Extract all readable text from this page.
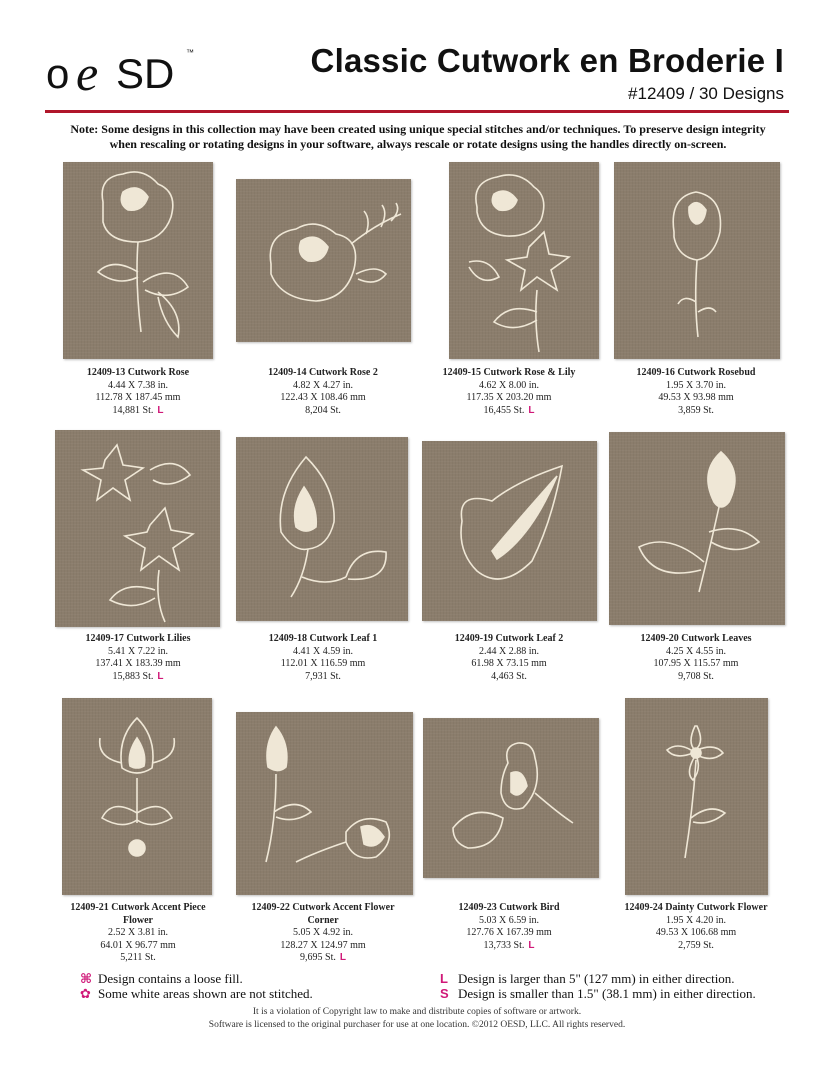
o e SD ™	Classic Cutwork en Broderie I
#12409 / 30 Designs
Note: Some designs in this collection may have been created using unique special stitches and/or techniques. To preserve design integrity when rescaling or rotating designs in your software, always rescale or rotate designs using the handles directly on-screen.
12409-13 Cutwork Rose
4.44 X 7.38 in.
112.78 X 187.45 mm
14,881 St. L
12409-14 Cutwork Rose 2
4.82 X 4.27 in.
122.43 X 108.46 mm
8,204 St.
12409-15 Cutwork Rose & Lily
4.62 X 8.00 in.
117.35 X 203.20 mm
16,455 St. L
12409-16 Cutwork Rosebud
1.95 X 3.70 in.
49.53 X 93.98 mm
3,859 St.
12409-17 Cutwork Lilies
5.41 X 7.22 in.
137.41 X 183.39 mm
15,883 St. L
12409-18 Cutwork Leaf 1
4.41 X 4.59 in.
112.01 X 116.59 mm
7,931 St.
12409-19 Cutwork Leaf 2
2.44 X 2.88 in.
61.98 X 73.15 mm
4,463 St.
12409-20 Cutwork Leaves
4.25 X 4.55 in.
107.95 X 115.57 mm
9,708 St.
12409-21 Cutwork Accent Piece
Flower
2.52 X 3.81 in.
64.01 X 96.77 mm
5,211 St.
12409-22 Cutwork Accent Flower
Corner
5.05 X 4.92 in.
128.27 X 124.97 mm
9,695 St. L
12409-23 Cutwork Bird
5.03 X 6.59 in.
127.76 X 167.39 mm
13,733 St. L
12409-24 Dainty Cutwork Flower
1.95 X 4.20 in.
49.53 X 106.68 mm
2,759 St.
⌘ Design contains a loose fill.
✿ Some white areas shown are not stitched.
L Design is larger than 5" (127 mm) in either direction.
S Design is smaller than 1.5" (38.1 mm) in either direction.
It is a violation of Copyright law to make and distribute copies of software or artwork.
Software is licensed to the original purchaser for use at one location. ©2012 OESD, LLC. All rights reserved.
